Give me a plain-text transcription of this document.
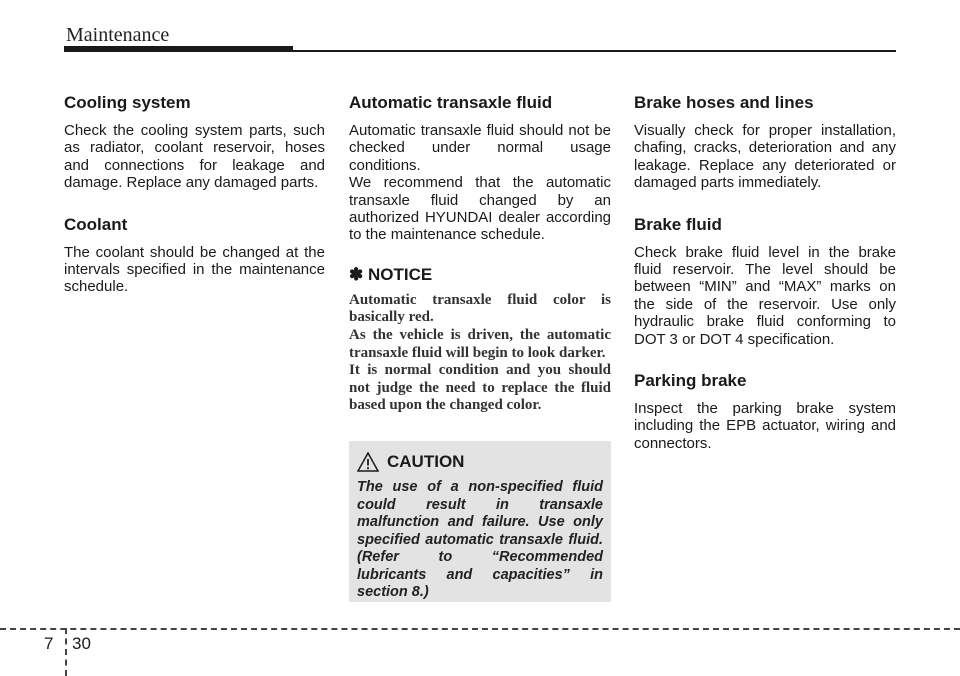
Maintenance
Cooling system

Check the cooling system parts, such as radiator, coolant reservoir, hoses and connections for leakage and damage. Replace any damaged parts.

Coolant

The coolant should be changed at the intervals specified in the maintenance schedule.

Automatic transaxle fluid

Automatic transaxle fluid should not be checked under normal usage conditions.

We recommend that the automatic transaxle fluid changed by an authorized HYUNDAI dealer according to the maintenance schedule.

✽ NOTICE

Automatic transaxle fluid color is basically red.

As the vehicle is driven, the automatic transaxle fluid will begin to look darker.

It is normal condition and you should not judge the need to replace the fluid based upon the changed color.

CAUTION

The use of a non-specified fluid could result in transaxle malfunction and failure. Use only specified automatic transaxle fluid. (Refer to “Recommended lubricants and capacities” in section 8.)

Brake hoses and lines

Visually check for proper installation, chafing, cracks, deterioration and any leakage. Replace any deteriorated or damaged parts immediately.

Brake fluid

Check brake fluid level in the brake fluid reservoir. The level should be between “MIN” and “MAX” marks on the side of the reservoir. Use only hydraulic brake fluid conforming to DOT 3 or DOT 4 specification.

Parking brake

Inspect the parking brake system including the EPB actuator, wiring and connectors.

7 30
